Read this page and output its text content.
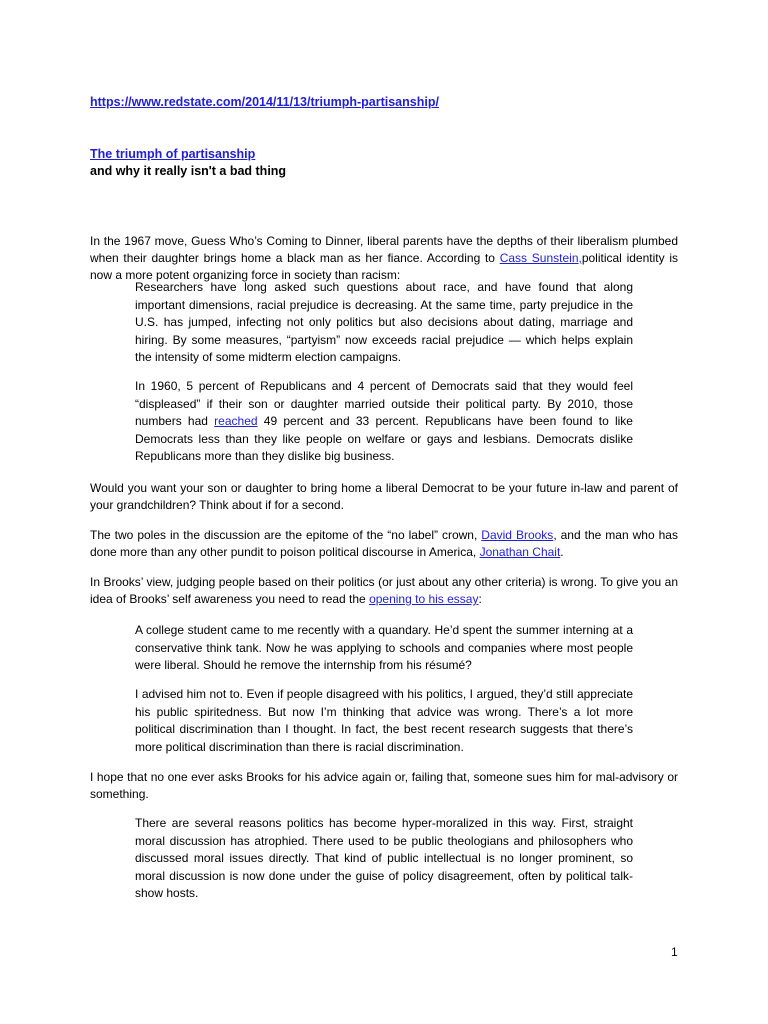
https://www.redstate.com/2014/11/13/triumph-partisanship/
The triumph of partisanship
and why it really isn't a bad thing

In the 1967 move, Guess Who’s Coming to Dinner, liberal parents have the depths of their liberalism plumbed when their daughter brings home a black man as her fiance. According to Cass Sunstein,political identity is now a more potent organizing force in society than racism:

Researchers have long asked such questions about race, and have found that along important dimensions, racial prejudice is decreasing. At the same time, party prejudice in the U.S. has jumped, infecting not only politics but also decisions about dating, marriage and hiring. By some measures, “partyism” now exceeds racial prejudice — which helps explain the intensity of some midterm election campaigns.

In 1960, 5 percent of Republicans and 4 percent of Democrats said that they would feel “displeased” if their son or daughter married outside their political party. By 2010, those numbers had reached 49 percent and 33 percent. Republicans have been found to like Democrats less than they like people on welfare or gays and lesbians. Democrats dislike Republicans more than they dislike big business.

Would you want your son or daughter to bring home a liberal Democrat to be your future in-law and parent of your grandchildren? Think about if for a second.

The two poles in the discussion are the epitome of the “no label” crown, David Brooks, and the man who has done more than any other pundit to poison political discourse in America, Jonathan Chait.

In Brooks’ view, judging people based on their politics (or just about any other criteria) is wrong. To give you an idea of Brooks’ self awareness you need to read the opening to his essay:

A college student came to me recently with a quandary. He’d spent the summer interning at a conservative think tank. Now he was applying to schools and companies where most people were liberal. Should he remove the internship from his résumé?

I advised him not to. Even if people disagreed with his politics, I argued, they’d still appreciate his public spiritedness. But now I’m thinking that advice was wrong. There’s a lot more political discrimination than I thought. In fact, the best recent research suggests that there’s more political discrimination than there is racial discrimination.

I hope that no one ever asks Brooks for his advice again or, failing that, someone sues him for mal-advisory or something.

There are several reasons politics has become hyper-moralized in this way. First, straight moral discussion has atrophied. There used to be public theologians and philosophers who discussed moral issues directly. That kind of public intellectual is no longer prominent, so moral discussion is now done under the guise of policy disagreement, often by political talk-show hosts.

1
